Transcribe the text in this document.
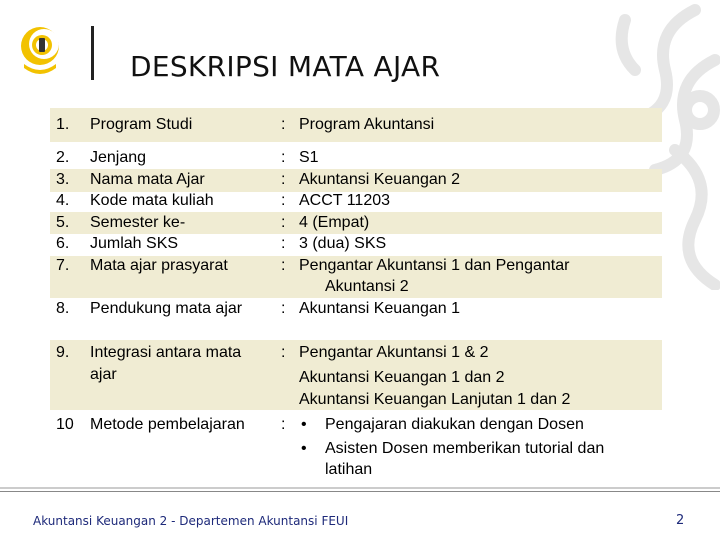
DESKRIPSI MATA AJAR
1. Program Studi	: Program Akuntansi
2. Jenjang	: S1
3. Nama mata Ajar	: Akuntansi Keuangan 2
4. Kode mata kuliah	: ACCT 11203
5. Semester ke-	: 4 (Empat)
6. Jumlah SKS	: 3 (dua) SKS
7. Mata ajar prasyarat	: Pengantar Akuntansi 1 dan Pengantar
Akuntansi 2
8. Pendukung mata ajar : Akuntansi Keuangan 1
9. Integrasi antara mata
ajar
: Pengantar Akuntansi 1 & 2
Akuntansi Keuangan 1 dan 2
Akuntansi Keuangan Lanjutan 1 dan 2
10 Metode pembelajaran : • Pengajaran diakukan dengan Dosen
• Asisten Dosen memberikan tutorial dan
latihan
Akuntansi Keuangan 2 - Departemen Akuntansi FEUI	2
